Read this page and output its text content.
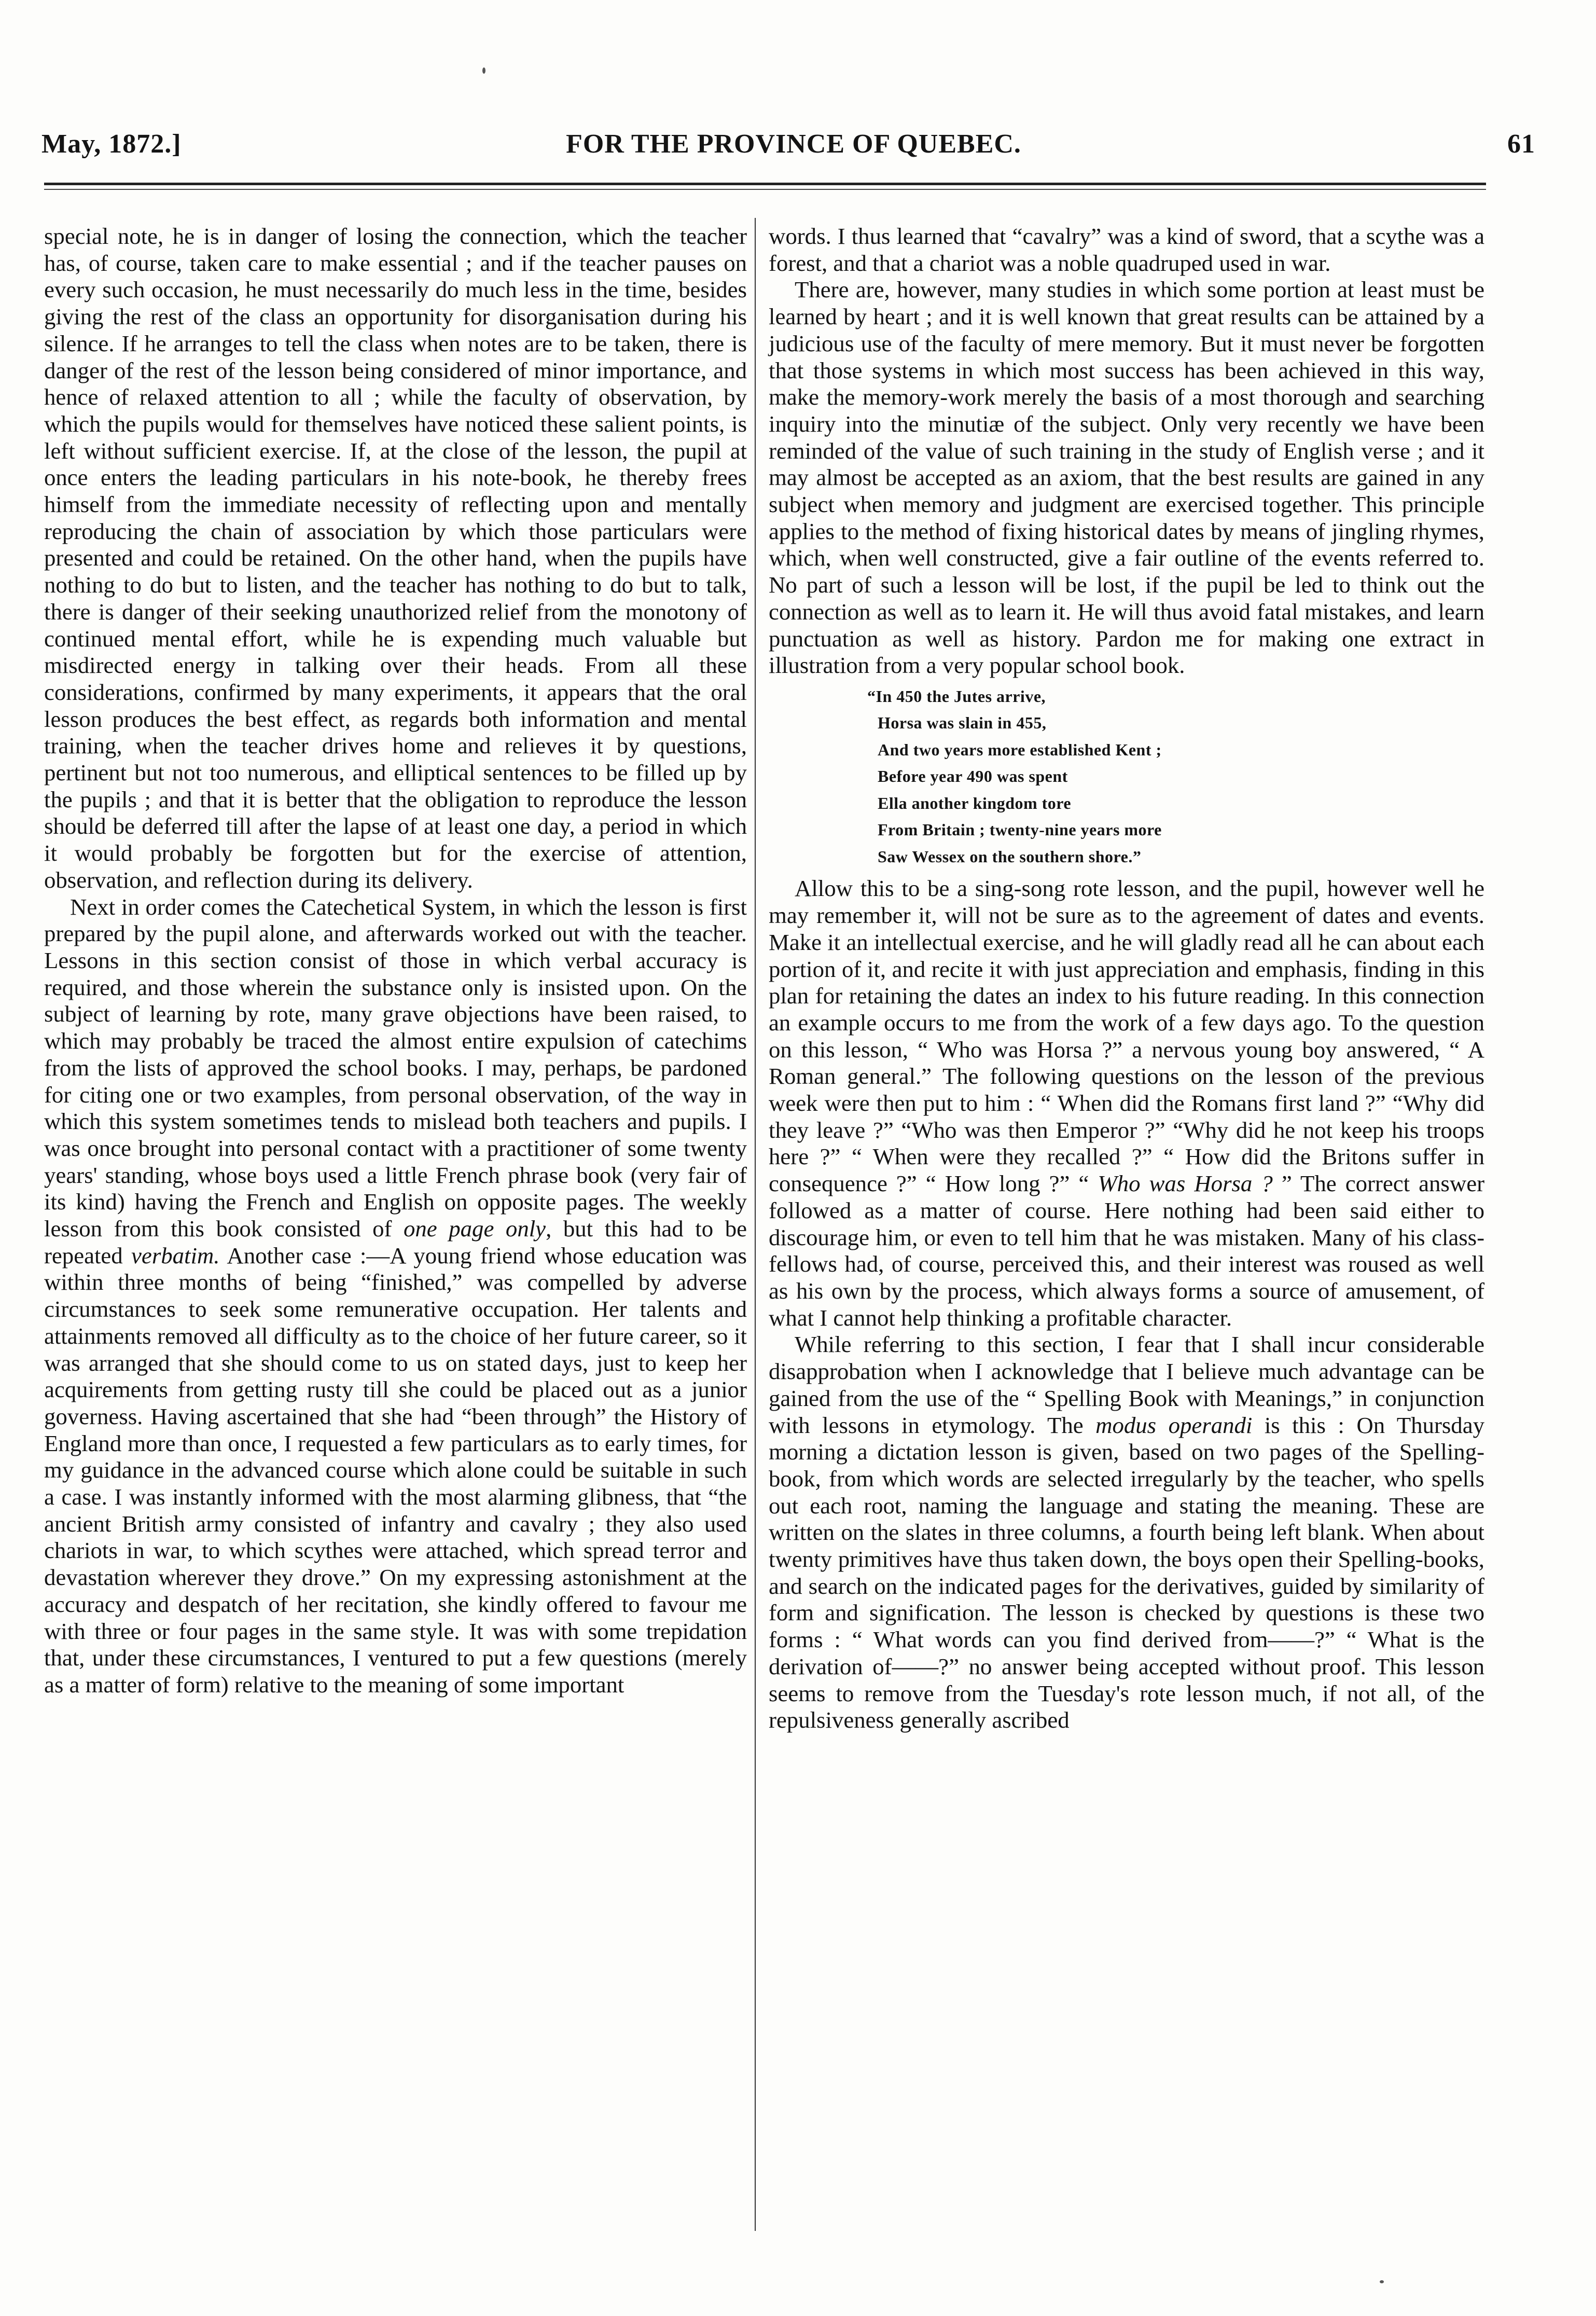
May, 1872.]	FOR THE PROVINCE OF QUEBEC.	61

special note, he is in danger of losing the connection, which the teacher has, of course, taken care to make essential ; and if the teacher pauses on every such occasion, he must necessarily do much less in the time, besides giving the rest of the class an opportunity for disorganisation during his silence. If he arranges to tell the class when notes are to be taken, there is danger of the rest of the lesson being considered of minor importance, and hence of relaxed attention to all ; while the faculty of observation, by which the pupils would for themselves have noticed these salient points, is left without sufficient exercise. If, at the close of the lesson, the pupil at once enters the leading particulars in his note-book, he thereby frees himself from the immediate necessity of reflecting upon and mentally reproducing the chain of association by which those particulars were presented and could be retained. On the other hand, when the pupils have nothing to do but to listen, and the teacher has nothing to do but to talk, there is danger of their seeking unauthorized relief from the monotony of continued mental effort, while he is expending much valuable but misdirected energy in talking over their heads. From all these considerations, confirmed by many experiments, it appears that the oral lesson produces the best effect, as regards both information and mental training, when the teacher drives home and relieves it by questions, pertinent but not too numerous, and elliptical sentences to be filled up by the pupils ; and that it is better that the obligation to reproduce the lesson should be deferred till after the lapse of at least one day, a period in which it would probably be forgotten but for the exercise of attention, observation, and reflection during its delivery.

Next in order comes the Catechetical System, in which the lesson is first prepared by the pupil alone, and afterwards worked out with the teacher. Lessons in this section consist of those in which verbal accuracy is required, and those wherein the substance only is insisted upon. On the subject of learning by rote, many grave objections have been raised, to which may probably be traced the almost entire expulsion of catechims from the lists of approved the school books. I may, perhaps, be pardoned for citing one or two examples, from personal observation, of the way in which this system sometimes tends to mislead both teachers and pupils. I was once brought into personal contact with a practitioner of some twenty years' standing, whose boys used a little French phrase book (very fair of its kind) having the French and English on opposite pages. The weekly lesson from this book consisted of one page only, but this had to be repeated verbatim. Another case :—A young friend whose education was within three months of being “finished,” was compelled by adverse circumstances to seek some remunerative occupation. Her talents and attainments removed all difficulty as to the choice of her future career, so it was arranged that she should come to us on stated days, just to keep her acquirements from getting rusty till she could be placed out as a junior governess. Having ascertained that she had “been through” the History of England more than once, I requested a few particulars as to early times, for my guidance in the advanced course which alone could be suitable in such a case. I was instantly informed with the most alarming glibness, that “the ancient British army consisted of infantry and cavalry ; they also used chariots in war, to which scythes were attached, which spread terror and devastation wherever they drove.” On my expressing astonishment at the accuracy and despatch of her recitation, she kindly offered to favour me with three or four pages in the same style. It was with some trepidation that, under these circumstances, I ventured to put a few questions (merely as a matter of form) relative to the meaning of some important

words. I thus learned that “cavalry” was a kind of sword, that a scythe was a forest, and that a chariot was a noble quadruped used in war.

There are, however, many studies in which some portion at least must be learned by heart ; and it is well known that great results can be attained by a judicious use of the faculty of mere memory. But it must never be forgotten that those systems in which most success has been achieved in this way, make the memory-work merely the basis of a most thorough and searching inquiry into the minutiæ of the subject. Only very recently we have been reminded of the value of such training in the study of English verse ; and it may almost be accepted as an axiom, that the best results are gained in any subject when memory and judgment are exercised together. This principle applies to the method of fixing historical dates by means of jingling rhymes, which, when well constructed, give a fair outline of the events referred to. No part of such a lesson will be lost, if the pupil be led to think out the connection as well as to learn it. He will thus avoid fatal mistakes, and learn punctuation as well as history. Pardon me for making one extract in illustration from a very popular school book.

“In 450 the Jutes arrive,
Horsa was slain in 455,
And two years more established Kent ;
Before year 490 was spent
Ella another kingdom tore
From Britain ; twenty-nine years more
Saw Wessex on the southern shore.”

Allow this to be a sing-song rote lesson, and the pupil, however well he may remember it, will not be sure as to the agreement of dates and events. Make it an intellectual exercise, and he will gladly read all he can about each portion of it, and recite it with just appreciation and emphasis, finding in this plan for retaining the dates an index to his future reading. In this connection an example occurs to me from the work of a few days ago. To the question on this lesson, “ Who was Horsa ?” a nervous young boy answered, “ A Roman general.” The following questions on the lesson of the previous week were then put to him : “ When did the Romans first land ?” “Why did they leave ?” “Who was then Emperor ?” “Why did he not keep his troops here ?” “ When were they recalled ?” “ How did the Britons suffer in consequence ?” “ How long ?” “ Who was Horsa ? ” The correct answer followed as a matter of course. Here nothing had been said either to discourage him, or even to tell him that he was mistaken. Many of his class-fellows had, of course, perceived this, and their interest was roused as well as his own by the process, which always forms a source of amusement, of what I cannot help thinking a profitable character.

While referring to this section, I fear that I shall incur considerable disapprobation when I acknowledge that I believe much advantage can be gained from the use of the “ Spelling Book with Meanings,” in conjunction with lessons in etymology. The modus operandi is this : On Thursday morning a dictation lesson is given, based on two pages of the Spelling-book, from which words are selected irregularly by the teacher, who spells out each root, naming the language and stating the meaning. These are written on the slates in three columns, a fourth being left blank. When about twenty primitives have thus taken down, the boys open their Spelling-books, and search on the indicated pages for the derivatives, guided by similarity of form and signification. The lesson is checked by questions is these two forms : “ What words can you find derived from——?” “ What is the derivation of——?” no answer being accepted without proof. This lesson seems to remove from the Tuesday's rote lesson much, if not all, of the repulsiveness generally ascribed
